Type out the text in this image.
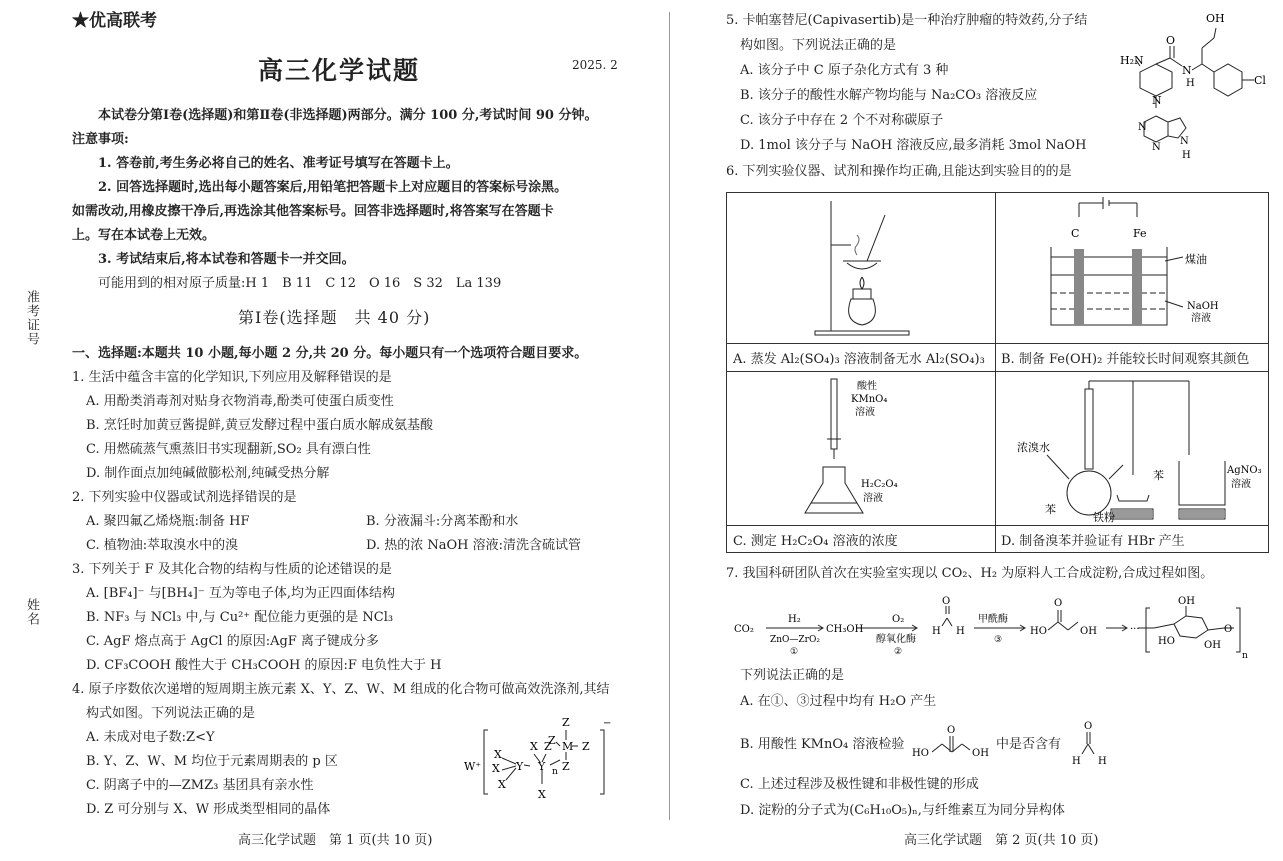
准考证号
姓名
★优高联考
高三化学试题	2025. 2
本试卷分第Ⅰ卷(选择题)和第Ⅱ卷(非选择题)两部分。满分 100 分,考试时间 90 分钟。
注意事项:
1. 答卷前,考生务必将自己的姓名、准考证号填写在答题卡上。
2. 回答选择题时,选出每小题答案后,用铅笔把答题卡上对应题目的答案标号涂黑。
如需改动,用橡皮擦干净后,再选涂其他答案标号。回答非选择题时,将答案写在答题卡
上。写在本试卷上无效。
3. 考试结束后,将本试卷和答题卡一并交回。
可能用到的相对原子质量:H 1　B 11　C 12　O 16　S 32　La 139
第Ⅰ卷(选择题　共 40 分)
一、选择题:本题共 10 小题,每小题 2 分,共 20 分。每小题只有一个选项符合题目要求。
1. 生活中蕴含丰富的化学知识,下列应用及解释错误的是
A. 用酚类消毒剂对贴身衣物消毒,酚类可使蛋白质变性
B. 烹饪时加黄豆酱提鲜,黄豆发酵过程中蛋白质水解成氨基酸
C. 用燃硫蒸气熏蒸旧书实现翻新,SO₂ 具有漂白性
D. 制作面点加纯碱做膨松剂,纯碱受热分解
2. 下列实验中仪器或试剂选择错误的是
A. 聚四氟乙烯烧瓶:制备 HF	B. 分液漏斗:分离苯酚和水
C. 植物油:萃取溴水中的溴	D. 热的浓 NaOH 溶液:清洗含硫试管
3. 下列关于 F 及其化合物的结构与性质的论述错误的是
A. [BF₄]⁻ 与[BH₄]⁻ 互为等电子体,均为正四面体结构
B. NF₃ 与 NCl₃ 中,与 Cu²⁺ 配位能力更强的是 NCl₃
C. AgF 熔点高于 AgCl 的原因:AgF 离子键成分多
D. CF₃COOH 酸性大于 CH₃COOH 的原因:F 电负性大于 H
4. 原子序数依次递增的短周期主族元素 X、Y、Z、W、M 组成的化合物可做高效洗涤剂,其结
构式如图。下列说法正确的是
A. 未成对电子数:Z<Y
B. Y、Z、W、M 均位于元素周期表的 p 区
C. 阴离子中的—ZMZ₃ 基团具有亲水性
D. Z 可分别与 X、W 形成类型相同的晶体
W⁺
X
X
X
Y
X Z
Y
X
n
Z
M
Z Z
Z
−
高三化学试题　第 1 页(共 10 页)
5. 卡帕塞替尼(Capivasertib)是一种治疗肿瘤的特效药,分子结
构如图。下列说法正确的是
A. 该分子中 C 原子杂化方式有 3 种
B. 该分子的酸性水解产物均能与 Na₂CO₃ 溶液反应
C. 该分子中存在 2 个不对称碳原子
D. 1mol 该分子与 NaOH 溶液反应,最多消耗 3mol NaOH
OH
O
H₂N
N
H	Cl
N
N
N
N
H
6. 下列实验仪器、试剂和操作均正确,且能达到实验目的的是
C	Fe
煤油
NaOH
溶液
A. 蒸发 Al₂(SO₄)₃ 溶液制备无水 Al₂(SO₄)₃ B. 制备 Fe(OH)₂ 并能较长时间观察其颜色
酸性
KMnO₄
溶液
H₂C₂O₄
溶液
浓溴水
苯
苯
铁粉
AgNO₃
溶液
C. 测定 H₂C₂O₄ 溶液的浓度	D. 制备溴苯并验证有 HBr 产生
7. 我国科研团队首次在实验室实现以 CO₂、H₂ 为原料人工合成淀粉,合成过程如图。
CO₂
H₂
ZnO—ZrO₂
①
CH₃OH
O₂
醇氧化酶
②
O
H H
甲酰酶
③
HO
O
OH	···
OH
HO	OH
O
n
下列说法正确的是
A. 在①、③过程中均有 H₂O 产生
B. 用酸性 KMnO₄ 溶液检验
HO
O
OH
中是否含有
O
H H
C. 上述过程涉及极性键和非极性键的形成
D. 淀粉的分子式为(C₆H₁₀O₅)ₙ,与纤维素互为同分异构体
高三化学试题　第 2 页(共 10 页)
